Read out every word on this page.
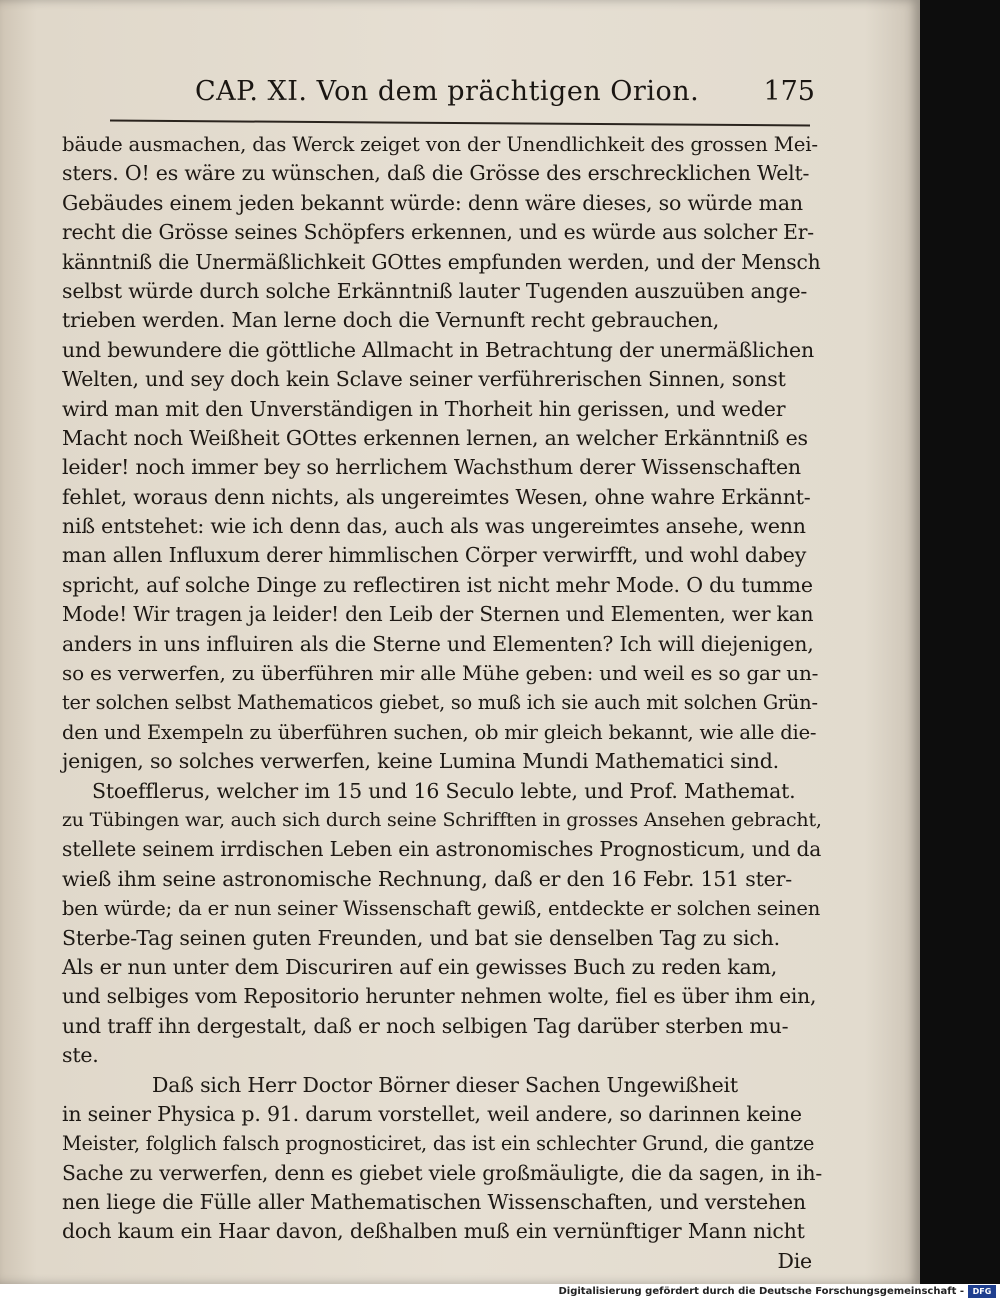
CAP. XI. Von dem prächtigen Orion. 175
bäude ausmachen, das Werck zeiget von der Unendlichkeit des grossen Mei-
sters. O! es wäre zu wünschen, daß die Grösse des erschrecklichen Welt-
Gebäudes einem jeden bekannt würde: denn wäre dieses, so würde man
recht die Grösse seines Schöpfers erkennen, und es würde aus solcher Er-
känntniß die Unermäßlichkeit GOttes empfunden werden, und der Mensch
selbst würde durch solche Erkänntniß lauter Tugenden auszuüben ange-
trieben werden. Man lerne doch die Vernunft recht gebrauchen,
und bewundere die göttliche Allmacht in Betrachtung der unermäßlichen
Welten, und sey doch kein Sclave seiner verführerischen Sinnen, sonst
wird man mit den Unverständigen in Thorheit hin gerissen, und weder
Macht noch Weißheit GOttes erkennen lernen, an welcher Erkänntniß es
leider! noch immer bey so herrlichem Wachsthum derer Wissenschaften
fehlet, woraus denn nichts, als ungereimtes Wesen, ohne wahre Erkännt-
niß entstehet: wie ich denn das, auch als was ungereimtes ansehe, wenn
man allen Influxum derer himmlischen Cörper verwirfft, und wohl dabey
spricht, auf solche Dinge zu reflectiren ist nicht mehr Mode. O du tumme
Mode! Wir tragen ja leider! den Leib der Sternen und Elementen, wer kan
anders in uns influiren als die Sterne und Elementen? Ich will diejenigen,
so es verwerfen, zu überführen mir alle Mühe geben: und weil es so gar un-
ter solchen selbst Mathematicos giebet, so muß ich sie auch mit solchen Grün-
den und Exempeln zu überführen suchen, ob mir gleich bekannt, wie alle die-
jenigen, so solches verwerfen, keine Lumina Mundi Mathematici sind.
Stoefflerus, welcher im 15 und 16 Seculo lebte, und Prof. Mathemat.
zu Tübingen war, auch sich durch seine Schrifften in grosses Ansehen gebracht,
stellete seinem irrdischen Leben ein astronomisches Prognosticum, und da
wieß ihm seine astronomische Rechnung, daß er den 16 Febr. 151 ster-
ben würde; da er nun seiner Wissenschaft gewiß, entdeckte er solchen seinen
Sterbe-Tag seinen guten Freunden, und bat sie denselben Tag zu sich.
Als er nun unter dem Discuriren auf ein gewisses Buch zu reden kam,
und selbiges vom Repositorio herunter nehmen wolte, fiel es über ihm ein,
und traff ihn dergestalt, daß er noch selbigen Tag darüber sterben mu-
ste.
Daß sich Herr Doctor Börner dieser Sachen Ungewißheit
in seiner Physica p. 91. darum vorstellet, weil andere, so darinnen keine
Meister, folglich falsch prognosticiret, das ist ein schlechter Grund, die gantze
Sache zu verwerfen, denn es giebet viele großmäuligte, die da sagen, in ih-
nen liege die Fülle aller Mathematischen Wissenschaften, und verstehen
doch kaum ein Haar davon, deßhalben muß ein vernünftiger Mann nicht
Die
Digitalisierung gefördert durch die Deutsche Forschungsgemeinschaft -	DFG
